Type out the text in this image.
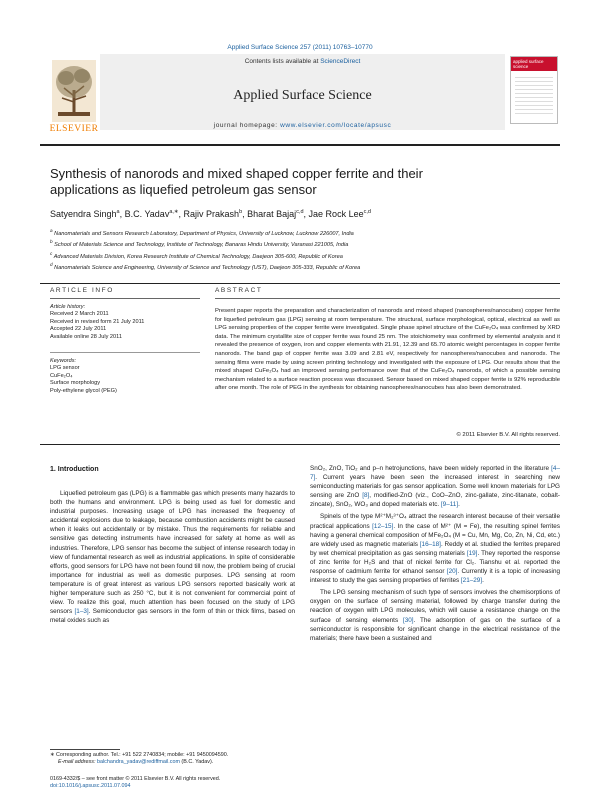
Applied Surface Science 257 (2011) 10763–10770
Contents lists available at ScienceDirect
Applied Surface Science
journal homepage: www.elsevier.com/locate/apsusc
ELSEVIER
applied surface science
Synthesis of nanorods and mixed shaped copper ferrite and their
applications as liquefied petroleum gas sensor
Satyendra Singh$^a$, B.C. Yadav$^{a,∗}$, Rajiv Prakash$^b$, Bharat Bajaj$^{c,d}$, Jae Rock Lee$^{c,d}$
$^a$ Nanomaterials and Sensors Research Laboratory, Department of Physics, University of Lucknow, Lucknow 226007, India
$^b$ School of Materials Science and Technology, Institute of Technology, Banaras Hindu University, Varanasi 221005, India
$^c$ Advanced Materials Division, Korea Research Institute of Chemical Technology, Daejeon 305-600, Republic of Korea
$^d$ Nanomaterials Science and Engineering, University of Science and Technology (UST), Daejeon 305-333, Republic of Korea
ARTICLE INFO
Article history:
Received 2 March 2011
Received in revised form 21 July 2011
Accepted 22 July 2011
Available online 28 July 2011
Keywords:
LPG sensor
CuFe₂O₄
Surface morphology
Poly-ethylene glycol (PEG)
ABSTRACT
Present paper reports the preparation and characterization of nanorods and mixed shaped (nanospheres/nanocubes) copper ferrite for liquefied petroleum gas (LPG) sensing at room temperature. The structural, surface morphological, optical, electrical as well as LPG sensing properties of the copper ferrite were investigated. Single phase spinel structure of the CuFe₂O₄ was confirmed by XRD data. The minimum crystallite size of copper ferrite was found 25 nm. The stoichiometry was confirmed by elemental analysis and it revealed the presence of oxygen, iron and copper elements with 21.91, 12.39 and 65.70 atomic weight percentages in copper ferrite nanorods. The band gap of copper ferrite was 3.09 and 2.81 eV, respectively for nanospheres/nanocubes and nanorods. The sensing films were made by using screen printing technology and investigated with the exposure of LPG. Our results show that the mixed shaped CuFe₂O₄ had an improved sensing performance over that of the CuFe₂O₄ nanorods, of which a possible sensing mechanism related to a surface reaction process was discussed. Sensor based on mixed shaped copper ferrite is 92% reproducible after one month. The role of PEG in the synthesis for obtaining nanospheres/nanocubes has also been demonstrated.
© 2011 Elsevier B.V. All rights reserved.
1. Introduction

Liquefied petroleum gas (LPG) is a flammable gas which presents many hazards to both the humans and environment. LPG is being used as fuel for domestic and industrial purposes. Increasing usage of LPG has increased the frequency of accidental explosions due to leakage, because combustion accidents might be caused when it leaks out accidentally or by mistake. Thus the requirements for reliable and sensitive gas detecting instruments have increased for safety at home as well as industries. Therefore, LPG sensor has become the subject of intense research today in view of fundamental research as well as industrial applications. In spite of considerable efforts, good sensors for LPG have not been found till now, the problem being of crucial importance for industrial as well as domestic purposes. LPG sensing at room temperature is of great interest as various LPG sensors reported basically work at higher temperature such as 250 °C, but it is not convenient for commercial point of view. To realize this goal, much attention has been focused on the study of LPG sensors [1–3]. Semiconductor gas sensors in the form of thin or thick films, based on metal oxides such as

SnO₂, ZnO, TiO₂ and p–n hetrojunctions, have been widely reported in the literature [4–7]. Current years have been seen the increased interest in searching new semiconducting materials for gas sensor application. Some well known materials for LPG sensing are ZnO [8], modified-ZnO (viz., CoO–ZnO, zinc-gallate, zinc-titanate, cobalt-zincate), SnO₂, WO₃ and doped materials etc. [9–11].

Spinels of the type M²⁺M₂³⁺O₄ attract the research interest because of their versatile practical applications [12–15]. In the case of M²⁺ (M = Fe), the resulting spinel ferrites having a general chemical composition of MFe₂O₄ (M = Cu, Mn, Mg, Co, Zn, Ni, Cd, etc.) are widely used as magnetic materials [16–18]. Reddy et al. studied the ferrites prepared by wet chemical precipitation as gas sensing materials [19]. They reported the response of zinc ferrite for H₂S and that of nickel ferrite for Cl₂. Tianshu et al. reported the response of cadmium ferrite for ethanol sensor [20]. Currently it is a topic of increasing interest to study the gas sensing properties of ferrites [21–29].

The LPG sensing mechanism of such type of sensors involves the chemisorptions of oxygen on the surface of sensing material, followed by charge transfer during the reaction of oxygen with LPG molecules, which will cause a resistance change on the surface of sensing elements [30]. The adsorption of gas on the surface of a semiconductor is responsible for significant change in the electrical resistance of the materials; there have been a sustained and

∗ Corresponding author. Tel.: +91 522 2740834; mobile: +91 9450094590.
E-mail address: balchandra_yadav@rediffmail.com (B.C. Yadav).
0169-4332/$ – see front matter © 2011 Elsevier B.V. All rights reserved.
doi:10.1016/j.apsusc.2011.07.094
